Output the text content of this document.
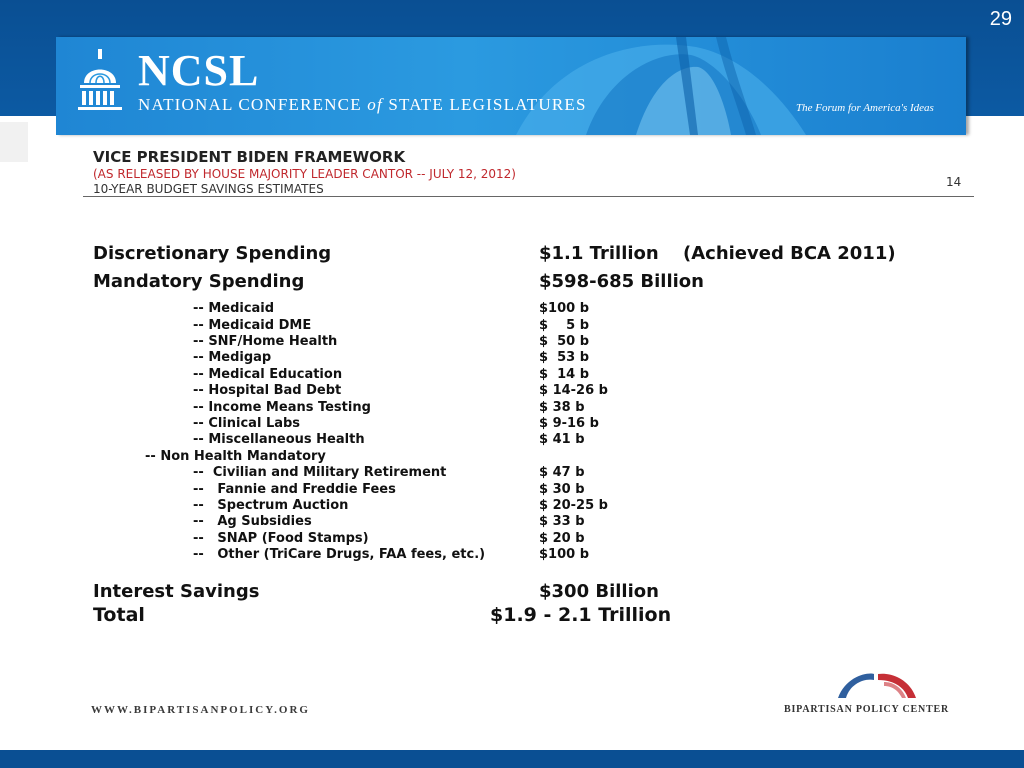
29
NCSL
NATIONAL CONFERENCE of STATE LEGISLATURES	The Forum for America's Ideas
VICE PRESIDENT BIDEN FRAMEWORK
(AS RELEASED BY HOUSE MAJORITY LEADER CANTOR -- JULY 12, 2012)
10-YEAR BUDGET SAVINGS ESTIMATES	14
Discretionary Spending	$1.1 Trillion (Achieved BCA 2011)
Mandatory Spending	$598-685 Billion
-- Medicaid	$100 b
-- Medicaid DME	$    5 b
-- SNF/Home Health	$  50 b
-- Medigap	$  53 b
-- Medical Education	$  14 b
-- Hospital Bad Debt	$ 14-26 b
-- Income Means Testing	$ 38 b
-- Clinical Labs	$ 9-16 b
-- Miscellaneous Health	$ 41 b
-- Non Health Mandatory
--  Civilian and Military Retirement	$ 47 b
--   Fannie and Freddie Fees	$ 30 b
--   Spectrum Auction	$ 20-25 b
--   Ag Subsidies	$ 33 b
--   SNAP (Food Stamps)	$ 20 b
--   Other (TriCare Drugs, FAA fees, etc.)	$100 b
Interest Savings	$300 Billion
Total	$1.9 - 2.1 Trillion
WWW.BIPARTISANPOLICY.ORG	BIPARTISAN POLICY CENTER
